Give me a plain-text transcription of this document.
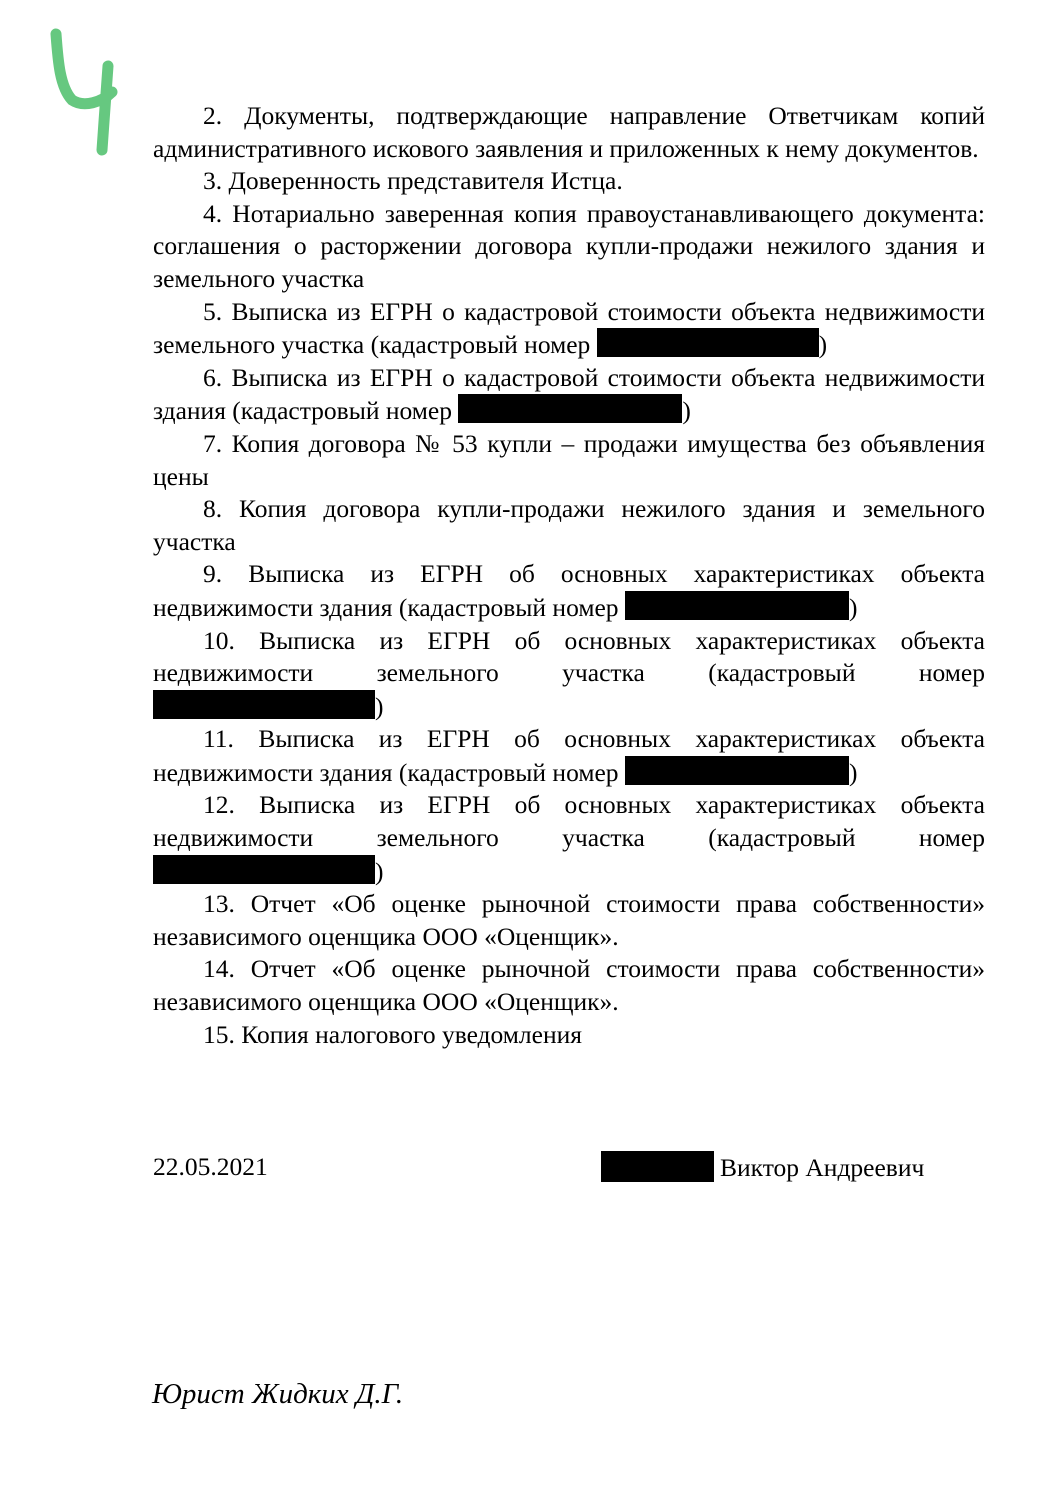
2. Документы, подтверждающие направление Ответчикам копий административного искового заявления и приложенных к нему документов.

3. Доверенность представителя Истца.

4. Нотариально заверенная копия правоустанавливающего документа: соглашения о расторжении договора купли-продажи нежилого здания и земельного участка

5. Выписка из ЕГРН о кадастровой стоимости объекта недвижимости земельного участка (кадастровый номер	)

6. Выписка из ЕГРН о кадастровой стоимости объекта недвижимости здания (кадастровый номер	)

7. Копия договора № 53 купли – продажи имущества без объявления цены

8. Копия договора купли-продажи нежилого здания и земельного участка

9. Выписка из ЕГРН об основных характеристиках объекта недвижимости здания (кадастровый номер	)

10. Выписка из ЕГРН об основных характеристиках объекта недвижимости земельного участка (кадастровый номер )

11. Выписка из ЕГРН об основных характеристиках объекта недвижимости здания (кадастровый номер	)

12. Выписка из ЕГРН об основных характеристиках объекта недвижимости земельного участка (кадастровый номер )

13. Отчет «Об оценке рыночной стоимости права собственности» независимого оценщика ООО «Оценщик».

14. Отчет «Об оценке рыночной стоимости права собственности» независимого оценщика ООО «Оценщик».

15. Копия налогового уведомления

22.05.2021	Виктор Андреевич
Юрист Жидких Д.Г.
